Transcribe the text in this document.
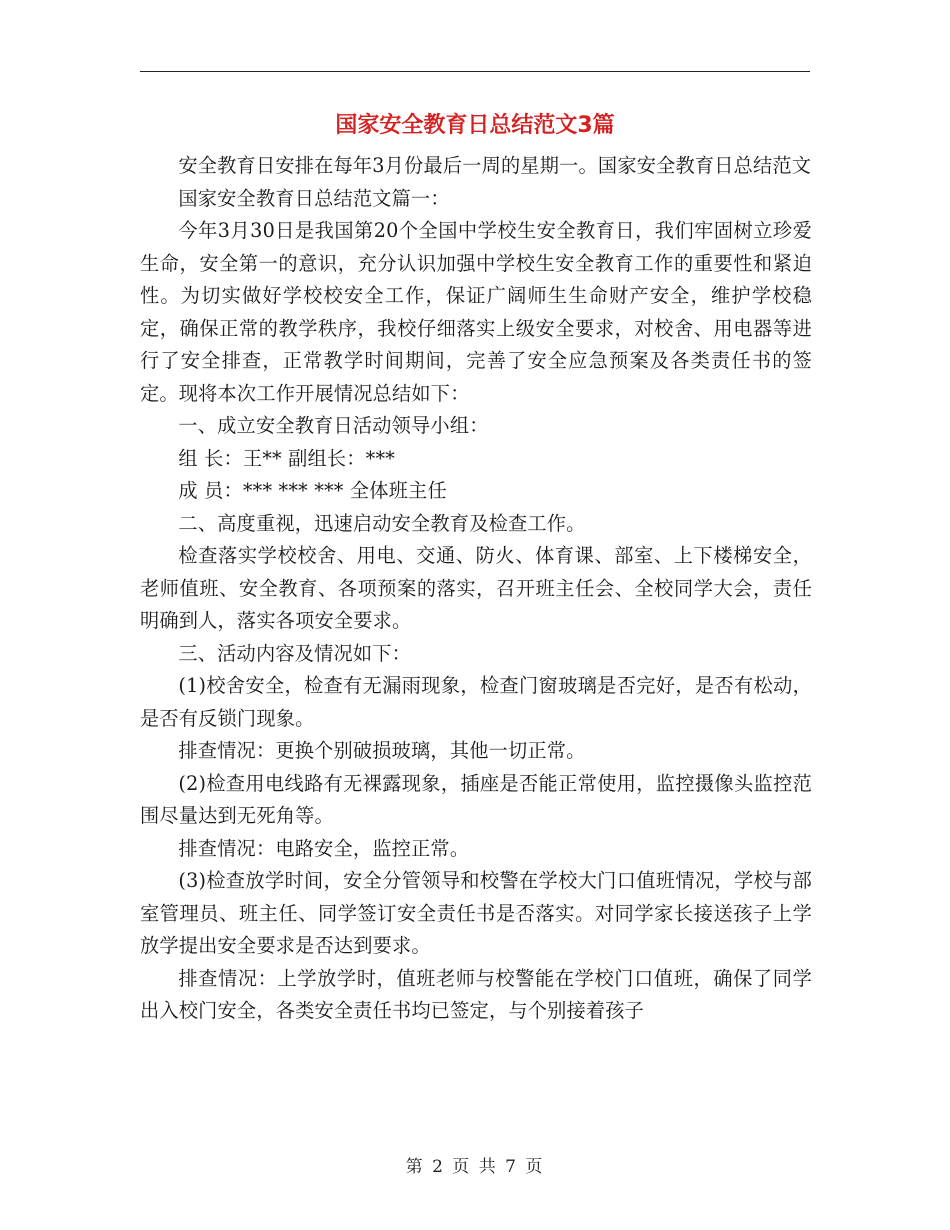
国家安全教育日总结范文3篇

安全教育日安排在每年3月份最后一周的星期一。国家安全教育日总结范文

国家安全教育日总结范文篇一：

今年3月30日是我国第20个全国中学校生安全教育日，我们牢固树立珍爱生命，安全第一的意识，充分认识加强中学校生安全教育工作的重要性和紧迫性。为切实做好学校校安全工作，保证广阔师生生命财产安全，维护学校稳定，确保正常的教学秩序，我校仔细落实上级安全要求，对校舍、用电器等进行了安全排查，正常教学时间期间，完善了安全应急预案及各类责任书的签定。现将本次工作开展情况总结如下：

一、成立安全教育日活动领导小组：

组 长：王** 副组长：***

成 员：*** *** *** 全体班主任

二、高度重视，迅速启动安全教育及检查工作。

检查落实学校校舍、用电、交通、防火、体育课、部室、上下楼梯安全，老师值班、安全教育、各项预案的落实，召开班主任会、全校同学大会，责任明确到人，落实各项安全要求。

三、活动内容及情况如下：

(1)校舍安全，检查有无漏雨现象，检查门窗玻璃是否完好，是否有松动，是否有反锁门现象。

排查情况：更换个别破损玻璃，其他一切正常。

(2)检查用电线路有无裸露现象，插座是否能正常使用，监控摄像头监控范围尽量达到无死角等。

排查情况：电路安全，监控正常。

(3)检查放学时间，安全分管领导和校警在学校大门口值班情况，学校与部室管理员、班主任、同学签订安全责任书是否落实。对同学家长接送孩子上学放学提出安全要求是否达到要求。

排查情况：上学放学时，值班老师与校警能在学校门口值班，确保了同学出入校门安全，各类安全责任书均已签定，与个别接着孩子

第 2 页 共 7 页
